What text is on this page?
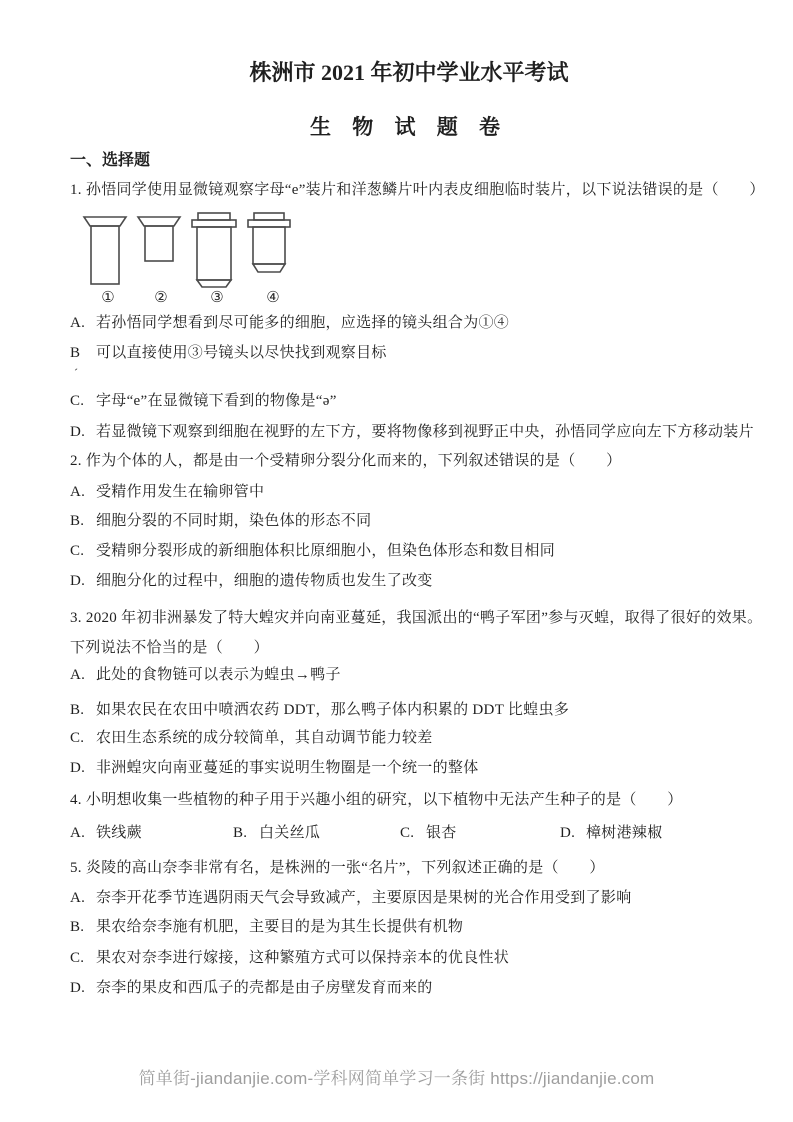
株洲市 2021 年初中学业水平考试
生 物 试 题 卷
一、选择题

1. 孙悟同学使用显微镜观察字母“e”装片和洋葱鳞片叶内表皮细胞临时装片，以下说法错误的是（　　）

①	②	③	④

A. 若孙悟同学想看到尽可能多的细胞，应选择的镜头组合为①④

B 可以直接使用③号镜头以尽快找到观察目标

ˊ

C. 字母“e”在显微镜下看到的物像是“ə”

D. 若显微镜下观察到细胞在视野的左下方，要将物像移到视野正中央，孙悟同学应向左下方移动装片

2. 作为个体的人，都是由一个受精卵分裂分化而来的，下列叙述错误的是（　　）

A. 受精作用发生在输卵管中

B. 细胞分裂的不同时期，染色体的形态不同

C. 受精卵分裂形成的新细胞体积比原细胞小，但染色体形态和数目相同

D. 细胞分化的过程中，细胞的遗传物质也发生了改变

3. 2020 年初非洲暴发了特大蝗灾并向南亚蔓延，我国派出的“鸭子军团”参与灭蝗，取得了很好的效果。

下列说法不恰当的是（　　）

A. 此处的食物链可以表示为蝗虫→鸭子

B. 如果农民在农田中喷洒农药 DDT，那么鸭子体内积累的 DDT 比蝗虫多

C. 农田生态系统的成分较简单，其自动调节能力较差

D. 非洲蝗灾向南亚蔓延的事实说明生物圈是一个统一的整体

4. 小明想收集一些植物的种子用于兴趣小组的研究，以下植物中无法产生种子的是（　　）

A. 铁线蕨	B. 白关丝瓜	C. 银杏	D. 樟树港辣椒

5. 炎陵的高山奈李非常有名，是株洲的一张“名片”，下列叙述正确的是（　　）

A. 奈李开花季节连遇阴雨天气会导致减产，主要原因是果树的光合作用受到了影响

B. 果农给奈李施有机肥，主要目的是为其生长提供有机物

C. 果农对奈李进行嫁接，这种繁殖方式可以保持亲本的优良性状

D. 奈李的果皮和西瓜子的壳都是由子房壁发育而来的

简单街-jiandanjie.com-学科网简单学习一条街 https://jiandanjie.com
